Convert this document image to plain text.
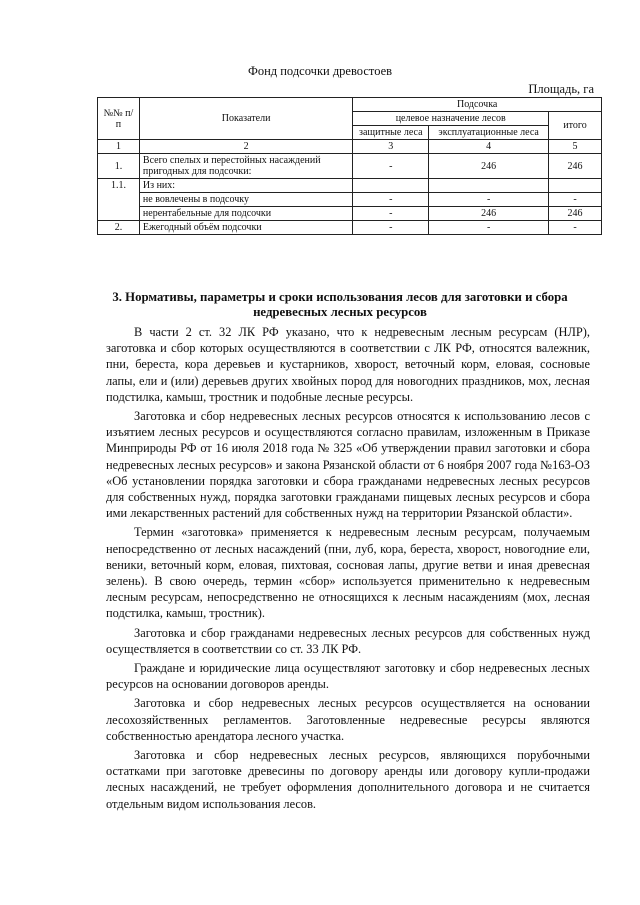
Фонд подсочки древостоев
Площадь, га
№№ п/п	Показатели	Подсочка		
		целевое назначение лесов		итого
		защитные леса	эксплуатационные леса	
1	2	3	4	5
1.	Всего спелых и перестойных насаждений пригодных для подсочки:	-	246	246
1.1.	Из них:			
	не вовлечены в подсочку	-	-	-
	нерентабельные для подсочки	-	246	246
2.	Ежегодный объём подсочки	-	-	-
3. Нормативы, параметры и сроки использования лесов для заготовки и сбора недревесных лесных ресурсов

В части 2 ст. 32 ЛК РФ указано, что к недревесным лесным ресурсам (НЛР), заготовка и сбор которых осуществляются в соответствии с ЛК РФ, относятся валежник, пни, береста, кора деревьев и кустарников, хворост, веточный корм, еловая, сосновые лапы, ели и (или) деревьев других хвойных пород для новогодних праздников, мох, лесная подстилка, камыш, тростник и подобные лесные ресурсы.

Заготовка и сбор недревесных лесных ресурсов относятся к использованию лесов с изъятием лесных ресурсов и осуществляются согласно правилам, изложенным в Приказе Минприроды РФ от 16 июля 2018 года № 325 «Об утверждении правил заготовки и сбора недревесных лесных ресурсов» и закона Рязанской области от 6 ноября 2007 года №163-ОЗ «Об установлении порядка заготовки и сбора гражданами недревесных лесных ресурсов для собственных нужд, порядка заготовки гражданами пищевых лесных ресурсов и сбора ими лекарственных растений для собственных нужд на территории Рязанской области».

Термин «заготовка» применяется к недревесным лесным ресурсам, получаемым непосредственно от лесных насаждений (пни, луб, кора, береста, хворост, новогодние ели, веники, веточный корм, еловая, пихтовая, сосновая лапы, другие ветви и иная древесная зелень). В свою очередь, термин «сбор» используется применительно к недревесным лесным ресурсам, непосредственно не относящихся к лесным насаждениям (мох, лесная подстилка, камыш, тростник).

Заготовка и сбор гражданами недревесных лесных ресурсов для собственных нужд осуществляется в соответствии со ст. 33 ЛК РФ.

Граждане и юридические лица осуществляют заготовку и сбор недревесных лесных ресурсов на основании договоров аренды.

Заготовка и сбор недревесных лесных ресурсов осуществляется на основании лесохозяйственных регламентов. Заготовленные недревесные ресурсы являются собственностью арендатора лесного участка.

Заготовка и сбор недревесных лесных ресурсов, являющихся порубочными остатками при заготовке древесины по договору аренды или договору купли-продажи лесных насаждений, не требует оформления дополнительного договора и не считается отдельным видом использования лесов.
